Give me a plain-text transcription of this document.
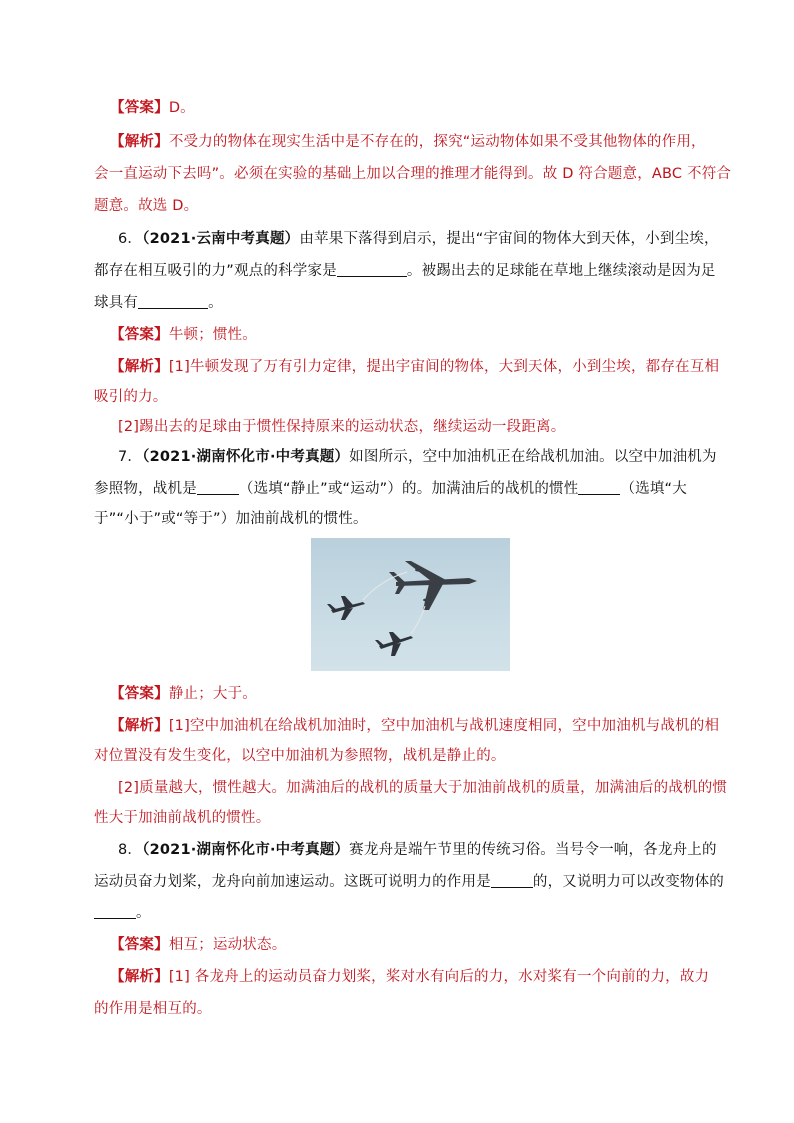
【答案】D。
【解析】不受力的物体在现实生活中是不存在的，探究“运动物体如果不受其他物体的作用，
会一直运动下去吗”。必须在实验的基础上加以合理的推理才能得到。故 D 符合题意，ABC 不符合
题意。故选 D。
6．（2021·云南中考真题）由苹果下落得到启示，提出“宇宙间的物体大到天体，小到尘埃，
都存在相互吸引的力”观点的科学家是	。被踢出去的足球能在草地上继续滚动是因为足
球具有	。
【答案】牛顿；惯性。
【解析】[1]牛顿发现了万有引力定律，提出宇宙间的物体，大到天体，小到尘埃，都存在互相
吸引的力。
[2]踢出去的足球由于惯性保持原来的运动状态，继续运动一段距离。
7．（2021·湖南怀化市·中考真题）如图所示，空中加油机正在给战机加油。以空中加油机为
参照物，战机是	（选填“静止”或“运动”）的。加满油后的战机的惯性	（选填“大
于”“小于”或“等于”）加油前战机的惯性。
【答案】静止；大于。
【解析】[1]空中加油机在给战机加油时，空中加油机与战机速度相同，空中加油机与战机的相
对位置没有发生变化，以空中加油机为参照物，战机是静止的。
[2]质量越大，惯性越大。加满油后的战机的质量大于加油前战机的质量，加满油后的战机的惯
性大于加油前战机的惯性。
8．（2021·湖南怀化市·中考真题）赛龙舟是端午节里的传统习俗。当号令一响，各龙舟上的
运动员奋力划桨，龙舟向前加速运动。这既可说明力的作用是	的，又说明力可以改变物体的
。
【答案】相互；运动状态。
【解析】[1] 各龙舟上的运动员奋力划桨，桨对水有向后的力，水对桨有一个向前的力，故力
的作用是相互的。
